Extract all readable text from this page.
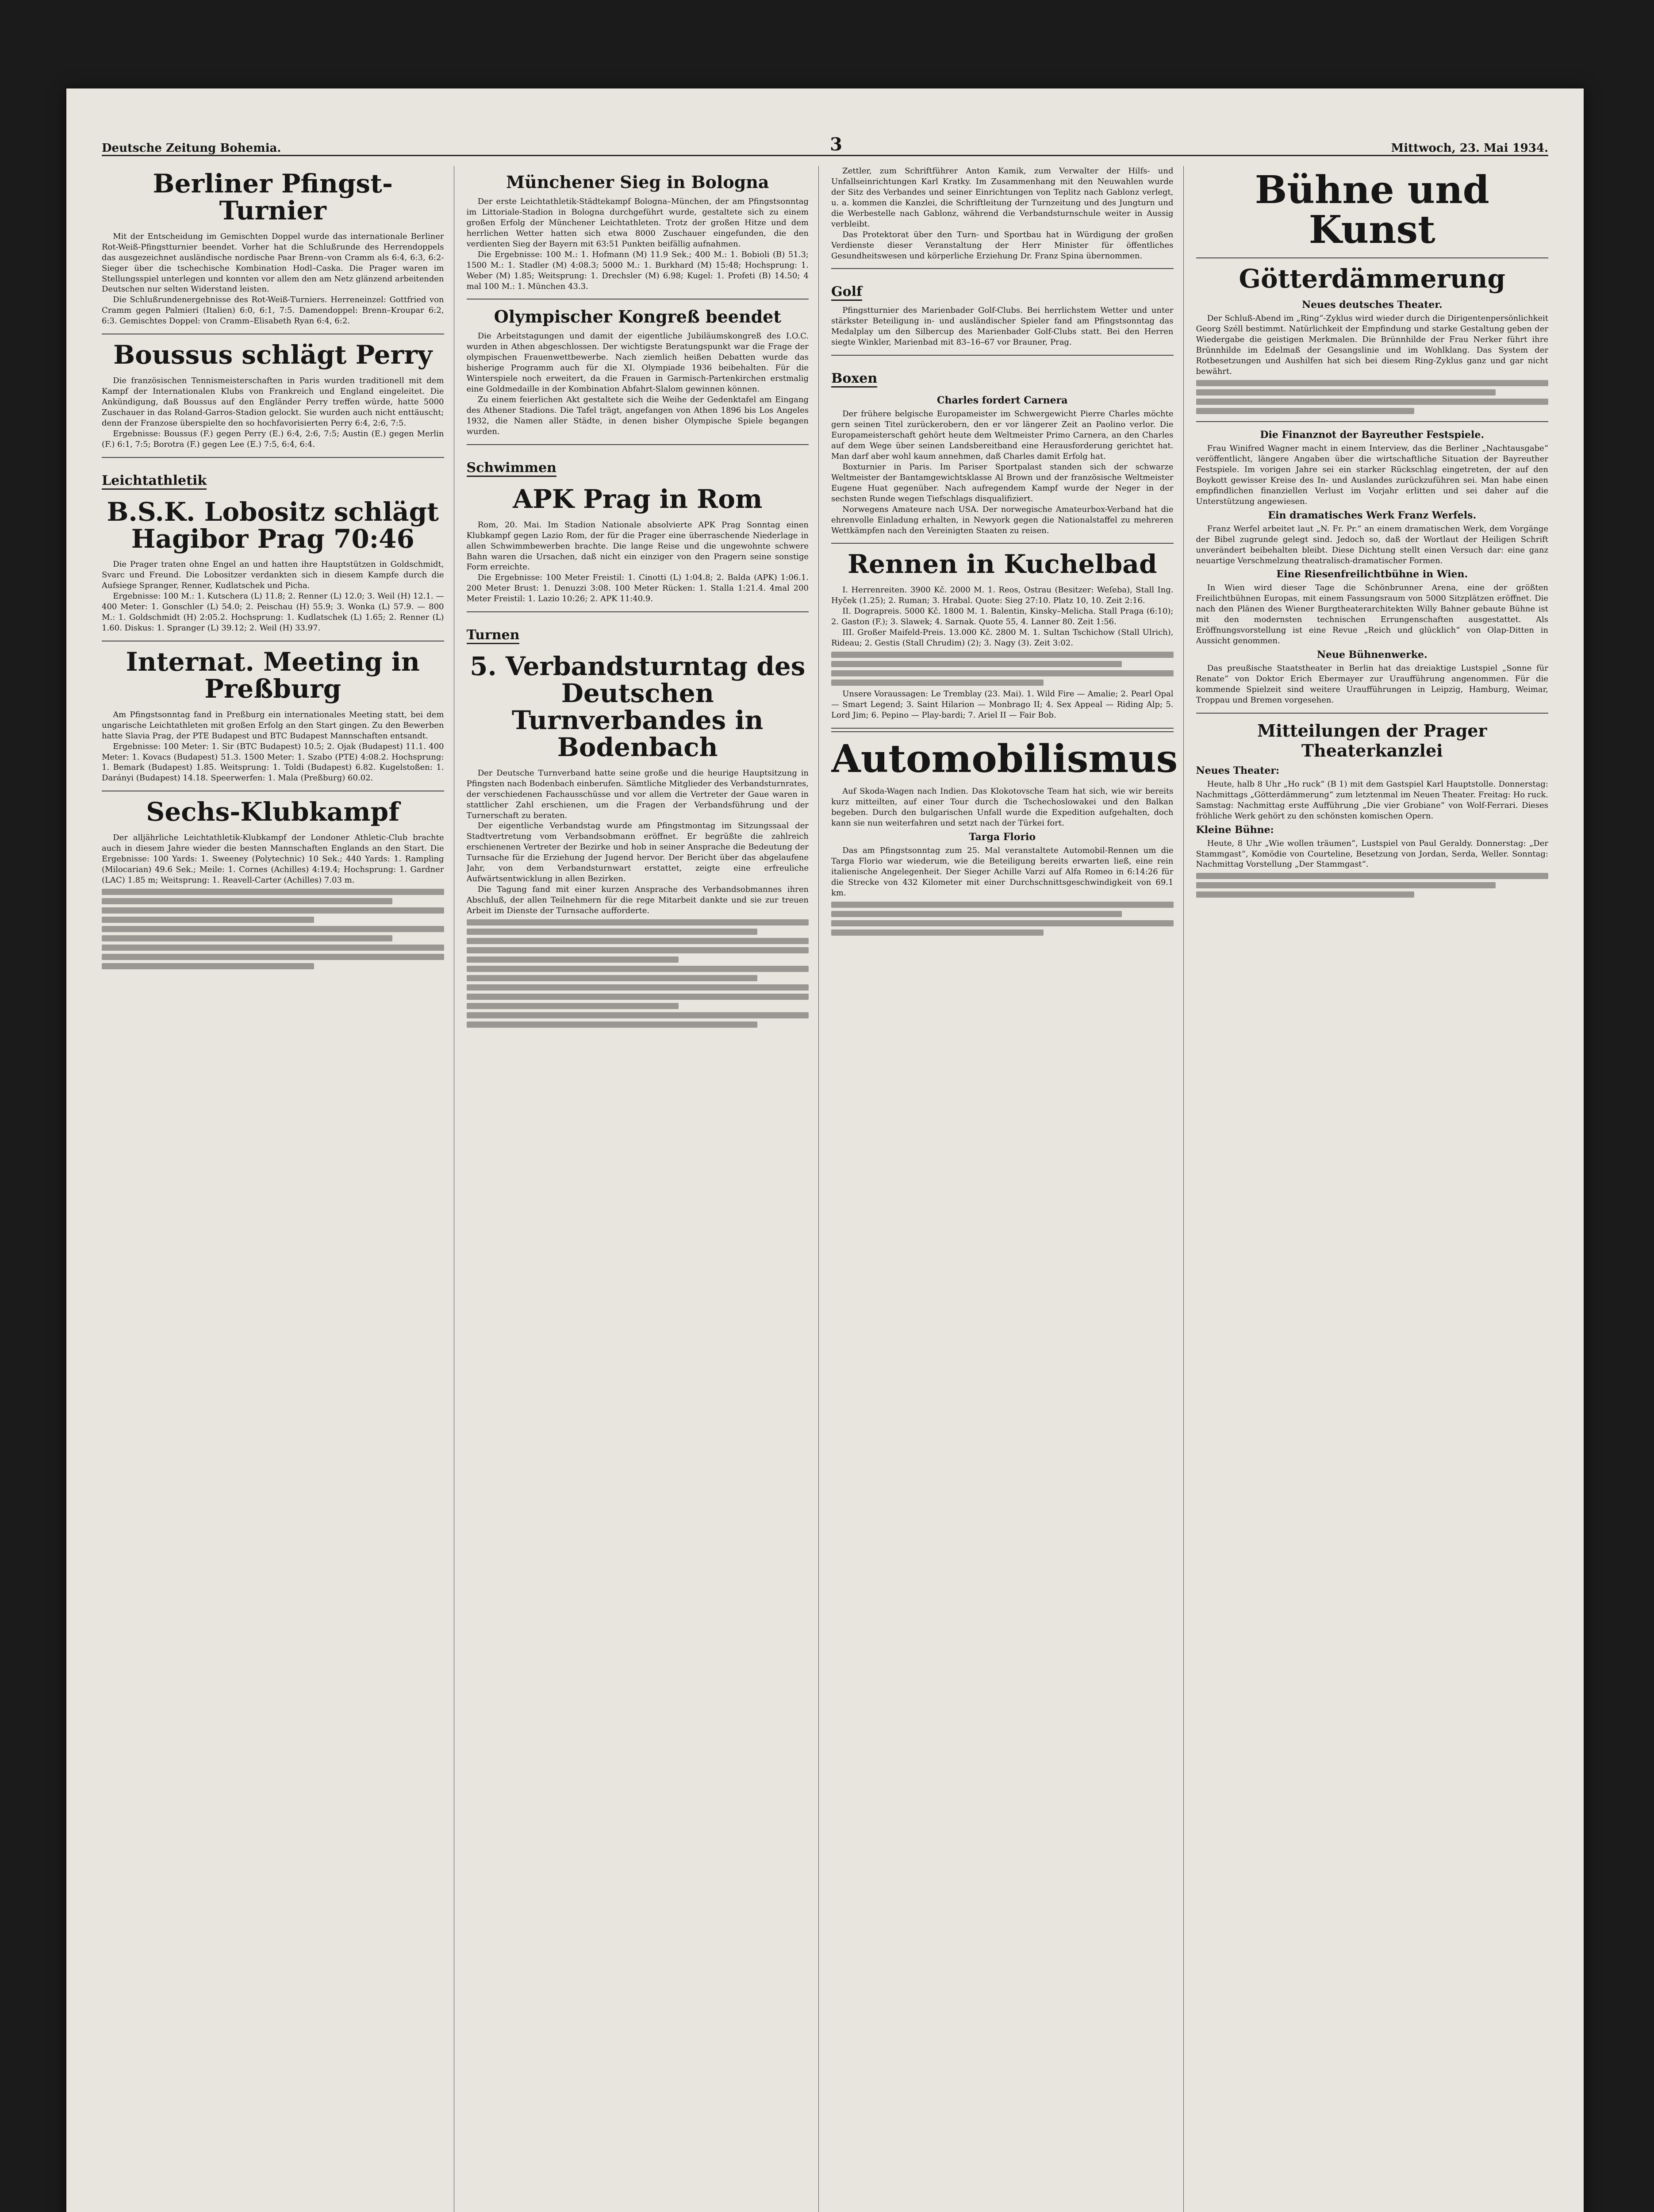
Deutsche Zeitung Bohemia.	3	Mittwoch, 23. Mai 1934.
Berliner Pfingst-Turnier
Mit der Entscheidung im Gemischten Doppel wurde das internationale Berliner Rot-Weiß-Pfingstturnier beendet. Vorher hat die Schlußrunde des Herrendoppels das ausgezeichnet ausländische nordische Paar Brenn–von Cramm als 6:4, 6:3, 6:2-Sieger über die tschechische Kombination Hodl–Caska. Die Prager waren im Stellungsspiel unterlegen und konnten vor allem den am Netz glänzend arbeitenden Deutschen nur selten Widerstand leisten.
Die Schlußrundenergebnisse des Rot-Weiß-Turniers. Herreneinzel: Gottfried von Cramm gegen Palmieri (Italien) 6:0, 6:1, 7:5. Damendoppel: Brenn–Kroupar 6:2, 6:3. Gemischtes Doppel: von Cramm–Elisabeth Ryan 6:4, 6:2.
Boussus schlägt Perry
Die französischen Tennismeisterschaften in Paris wurden traditionell mit dem Kampf der Internationalen Klubs von Frankreich und England eingeleitet. Die Ankündigung, daß Boussus auf den Engländer Perry treffen würde, hatte 5000 Zuschauer in das Roland-Garros-Stadion gelockt. Sie wurden auch nicht enttäuscht; denn der Franzose überspielte den so hochfavorisierten Perry 6:4, 2:6, 7:5.
Ergebnisse: Boussus (F.) gegen Perry (E.) 6:4, 2:6, 7:5; Austin (E.) gegen Merlin (F.) 6:1, 7:5; Borotra (F.) gegen Lee (E.) 7:5, 6:4, 6:4.
Leichtathletik
B.S.K. Lobositz schlägt Hagibor Prag 70:46
Die Prager traten ohne Engel an und hatten ihre Hauptstützen in Goldschmidt, Svarc und Freund. Die Lobositzer verdankten sich in diesem Kampfe durch die Aufsiege Spranger, Renner, Kudlatschek und Picha.
Ergebnisse: 100 M.: 1. Kutschera (L) 11.8; 2. Renner (L) 12.0; 3. Weil (H) 12.1. — 400 Meter: 1. Gonschler (L) 54.0; 2. Peischau (H) 55.9; 3. Wonka (L) 57.9. — 800 M.: 1. Goldschmidt (H) 2:05.2. Hochsprung: 1. Kudlatschek (L) 1.65; 2. Renner (L) 1.60. Diskus: 1. Spranger (L) 39.12; 2. Weil (H) 33.97.
Internat. Meeting in Preßburg
Am Pfingstsonntag fand in Preßburg ein internationales Meeting statt, bei dem ungarische Leichtathleten mit großen Erfolg an den Start gingen. Zu den Bewerben hatte Slavia Prag, der PTE Budapest und BTC Budapest Mannschaften entsandt.
Ergebnisse: 100 Meter: 1. Sir (BTC Budapest) 10.5; 2. Ojak (Budapest) 11.1. 400 Meter: 1. Kovacs (Budapest) 51.3. 1500 Meter: 1. Szabo (PTE) 4:08.2. Hochsprung: 1. Bemark (Budapest) 1.85. Weitsprung: 1. Toldi (Budapest) 6.82. Kugelstoßen: 1. Darányi (Budapest) 14.18. Speerwerfen: 1. Mala (Preßburg) 60.02.
Sechs-Klubkampf
Der alljährliche Leichtathletik-Klubkampf der Londoner Athletic-Club brachte auch in diesem Jahre wieder die besten Mannschaften Englands an den Start. Die Ergebnisse: 100 Yards: 1. Sweeney (Polytechnic) 10 Sek.; 440 Yards: 1. Rampling (Milocarian) 49.6 Sek.; Meile: 1. Cornes (Achilles) 4:19.4; Hochsprung: 1. Gardner (LAC) 1.85 m; Weitsprung: 1. Reavell-Carter (Achilles) 7.03 m.
Münchener Sieg in Bologna
Der erste Leichtathletik-Städtekampf Bologna–München, der am Pfingstsonntag im Littoriale-Stadion in Bologna durchgeführt wurde, gestaltete sich zu einem großen Erfolg der Münchener Leichtathleten. Trotz der großen Hitze und dem herrlichen Wetter hatten sich etwa 8000 Zuschauer eingefunden, die den verdienten Sieg der Bayern mit 63:51 Punkten beifällig aufnahmen.
Die Ergebnisse: 100 M.: 1. Hofmann (M) 11.9 Sek.; 400 M.: 1. Bobioli (B) 51.3; 1500 M.: 1. Stadler (M) 4:08.3; 5000 M.: 1. Burkhard (M) 15:48; Hochsprung: 1. Weber (M) 1.85; Weitsprung: 1. Drechsler (M) 6.98; Kugel: 1. Profeti (B) 14.50; 4 mal 100 M.: 1. München 43.3.
Olympischer Kongreß beendet
Die Arbeitstagungen und damit der eigentliche Jubiläumskongreß des I.O.C. wurden in Athen abgeschlossen. Der wichtigste Beratungspunkt war die Frage der olympischen Frauenwettbewerbe. Nach ziemlich heißen Debatten wurde das bisherige Programm auch für die XI. Olympiade 1936 beibehalten. Für die Winterspiele noch erweitert, da die Frauen in Garmisch-Partenkirchen erstmalig eine Goldmedaille in der Kombination Abfahrt-Slalom gewinnen können.
Zu einem feierlichen Akt gestaltete sich die Weihe der Gedenktafel am Eingang des Athener Stadions. Die Tafel trägt, angefangen von Athen 1896 bis Los Angeles 1932, die Namen aller Städte, in denen bisher Olympische Spiele begangen wurden.
Schwimmen
APK Prag in Rom
Rom, 20. Mai. Im Stadion Nationale absolvierte APK Prag Sonntag einen Klubkampf gegen Lazio Rom, der für die Prager eine überraschende Niederlage in allen Schwimmbewerben brachte. Die lange Reise und die ungewohnte schwere Bahn waren die Ursachen, daß nicht ein einziger von den Pragern seine sonstige Form erreichte.
Die Ergebnisse: 100 Meter Freistil: 1. Cinotti (L) 1:04.8; 2. Balda (APK) 1:06.1. 200 Meter Brust: 1. Denuzzi 3:08. 100 Meter Rücken: 1. Stalla 1:21.4. 4mal 200 Meter Freistil: 1. Lazio 10:26; 2. APK 11:40.9.
Turnen
5. Verbandsturntag des Deutschen Turnverbandes in Bodenbach
Der Deutsche Turnverband hatte seine große und die heurige Hauptsitzung in Pfingsten nach Bodenbach einberufen. Sämtliche Mitglieder des Verbandsturnrates, der verschiedenen Fachausschüsse und vor allem die Vertreter der Gaue waren in stattlicher Zahl erschienen, um die Fragen der Verbandsführung und der Turnerschaft zu beraten.
Der eigentliche Verbandstag wurde am Pfingstmontag im Sitzungssaal der Stadtvertretung vom Verbandsobmann eröffnet. Er begrüßte die zahlreich erschienenen Vertreter der Bezirke und hob in seiner Ansprache die Bedeutung der Turnsache für die Erziehung der Jugend hervor. Der Bericht über das abgelaufene Jahr, von dem Verbandsturnwart erstattet, zeigte eine erfreuliche Aufwärtsentwicklung in allen Bezirken.
Die Tagung fand mit einer kurzen Ansprache des Verbandsobmannes ihren Abschluß, der allen Teilnehmern für die rege Mitarbeit dankte und sie zur treuen Arbeit im Dienste der Turnsache aufforderte.
Zettler, zum Schriftführer Anton Kamik, zum Verwalter der Hilfs- und Unfallseinrichtungen Karl Kratky. Im Zusammenhang mit den Neuwahlen wurde der Sitz des Verbandes und seiner Einrichtungen von Teplitz nach Gablonz verlegt, u. a. kommen die Kanzlei, die Schriftleitung der Turnzeitung und des Jungturn und die Werbestelle nach Gablonz, während die Verbandsturnschule weiter in Aussig verbleibt.
Das Protektorat über den Turn- und Sportbau hat in Würdigung der großen Verdienste dieser Veranstaltung der Herr Minister für öffentliches Gesundheitswesen und körperliche Erziehung Dr. Franz Spina übernommen.
Golf
Pfingstturnier des Marienbader Golf-Clubs. Bei herrlichstem Wetter und unter stärkster Beteiligung in- und ausländischer Spieler fand am Pfingstsonntag das Medalplay um den Silbercup des Marienbader Golf-Clubs statt. Bei den Herren siegte Winkler, Marienbad mit 83–16–67 vor Brauner, Prag.
Boxen
Charles fordert Carnera
Der frühere belgische Europameister im Schwergewicht Pierre Charles möchte gern seinen Titel zurückerobern, den er vor längerer Zeit an Paolino verlor. Die Europameisterschaft gehört heute dem Weltmeister Primo Carnera, an den Charles auf dem Wege über seinen Landsbereitband eine Herausforderung gerichtet hat. Man darf aber wohl kaum annehmen, daß Charles damit Erfolg hat.
Boxturnier in Paris. Im Pariser Sportpalast standen sich der schwarze Weltmeister der Bantamgewichtsklasse Al Brown und der französische Weltmeister Eugene Huat gegenüber. Nach aufregendem Kampf wurde der Neger in der sechsten Runde wegen Tiefschlags disqualifiziert.
Norwegens Amateure nach USA. Der norwegische Amateurbox-Verband hat die ehrenvolle Einladung erhalten, in Newyork gegen die Nationalstaffel zu mehreren Wettkämpfen nach den Vereinigten Staaten zu reisen.
Rennen in Kuchelbad
I. Herrenreiten. 3900 Kč. 2000 M. 1. Reos, Ostrau (Besitzer: Weſeba), Stall Ing. Hyček (1.25); 2. Ruman; 3. Hrabal. Quote: Sieg 27:10. Platz 10, 10. Zeit 2:16.
II. Dograpreis. 5000 Kč. 1800 M. 1. Balentin, Kinsky–Melicha. Stall Praga (6:10); 2. Gaston (F.); 3. Slawek; 4. Sarnak. Quote 55, 4. Lanner 80. Zeit 1:56.
III. Großer Maifeld-Preis. 13.000 Kč. 2800 M. 1. Sultan Tschichow (Stall Ulrich), Rideau; 2. Gestis (Stall Chrudim) (2); 3. Nagy (3). Zeit 3:02.
Unsere Voraussagen: Le Tremblay (23. Mai). 1. Wild Fire — Amalie; 2. Pearl Opal — Smart Legend; 3. Saint Hilarion — Monbrago II; 4. Sex Appeal — Riding Alp; 5. Lord Jim; 6. Pepino — Play-bardi; 7. Ariel II — Fair Bob.
Automobilismus
Auf Skoda-Wagen nach Indien. Das Klokotovsche Team hat sich, wie wir bereits kurz mitteilten, auf einer Tour durch die Tschechoslowakei und den Balkan begeben. Durch den bulgarischen Unfall wurde die Expedition aufgehalten, doch kann sie nun weiterfahren und setzt nach der Türkei fort.
Targa Florio
Das am Pfingstsonntag zum 25. Mal veranstaltete Automobil-Rennen um die Targa Florio war wiederum, wie die Beteiligung bereits erwarten ließ, eine rein italienische Angelegenheit. Der Sieger Achille Varzi auf Alfa Romeo in 6:14:26 für die Strecke von 432 Kilometer mit einer Durchschnittsgeschwindigkeit von 69.1 km.
Bühne und Kunst
Götterdämmerung
Neues deutsches Theater.
Der Schluß-Abend im „Ring“-Zyklus wird wieder durch die Dirigentenpersönlichkeit Georg Széll bestimmt. Natürlichkeit der Empfindung und starke Gestaltung geben der Wiedergabe die geistigen Merkmalen. Die Brünnhilde der Frau Nerker führt ihre Brünnhilde im Edelmaß der Gesangslinie und im Wohlklang. Das System der Rotbesetzungen und Aushilfen hat sich bei diesem Ring-Zyklus ganz und gar nicht bewährt.
Die Finanznot der Bayreuther Festspiele.
Frau Winifred Wagner macht in einem Interview, das die Berliner „Nachtausgabe“ veröffentlicht, längere Angaben über die wirtschaftliche Situation der Bayreuther Festspiele. Im vorigen Jahre sei ein starker Rückschlag eingetreten, der auf den Boykott gewisser Kreise des In- und Auslandes zurückzuführen sei. Man habe einen empfindlichen finanziellen Verlust im Vorjahr erlitten und sei daher auf die Unterstützung angewiesen.
Ein dramatisches Werk Franz Werfels.
Franz Werfel arbeitet laut „N. Fr. Pr.“ an einem dramatischen Werk, dem Vorgänge der Bibel zugrunde gelegt sind. Jedoch so, daß der Wortlaut der Heiligen Schrift unverändert beibehalten bleibt. Diese Dichtung stellt einen Versuch dar: eine ganz neuartige Verschmelzung theatralisch-dramatischer Formen.
Eine Riesenfreilichtbühne in Wien.
In Wien wird dieser Tage die Schönbrunner Arena, eine der größten Freilichtbühnen Europas, mit einem Fassungsraum von 5000 Sitzplätzen eröffnet. Die nach den Plänen des Wiener Burgtheaterarchitekten Willy Bahner gebaute Bühne ist mit den modernsten technischen Errungenschaften ausgestattet. Als Eröffnungsvorstellung ist eine Revue „Reich und glücklich“ von Olap-Ditten in Aussicht genommen.
Neue Bühnenwerke.
Das preußische Staatstheater in Berlin hat das dreiaktige Lustspiel „Sonne für Renate“ von Doktor Erich Ebermayer zur Uraufführung angenommen. Für die kommende Spielzeit sind weitere Uraufführungen in Leipzig, Hamburg, Weimar, Troppau und Bremen vorgesehen.
Mitteilungen der Prager Theaterkanzlei
Neues Theater:
Heute, halb 8 Uhr „Ho ruck“ (B 1) mit dem Gastspiel Karl Hauptstolle. Donnerstag: Nachmittags „Götterdämmerung“ zum letztenmal im Neuen Theater. Freitag: Ho ruck. Samstag: Nachmittag erste Aufführung „Die vier Grobiane“ von Wolf-Ferrari. Dieses fröhliche Werk gehört zu den schönsten komischen Opern.
Kleine Bühne:
Heute, 8 Uhr „Wie wollen träumen“, Lustspiel von Paul Geraldy. Donnerstag: „Der Stammgast“, Komödie von Courteline, Besetzung von Jordan, Serda, Weller. Sonntag: Nachmittag Vorstellung „Der Stammgast“.
